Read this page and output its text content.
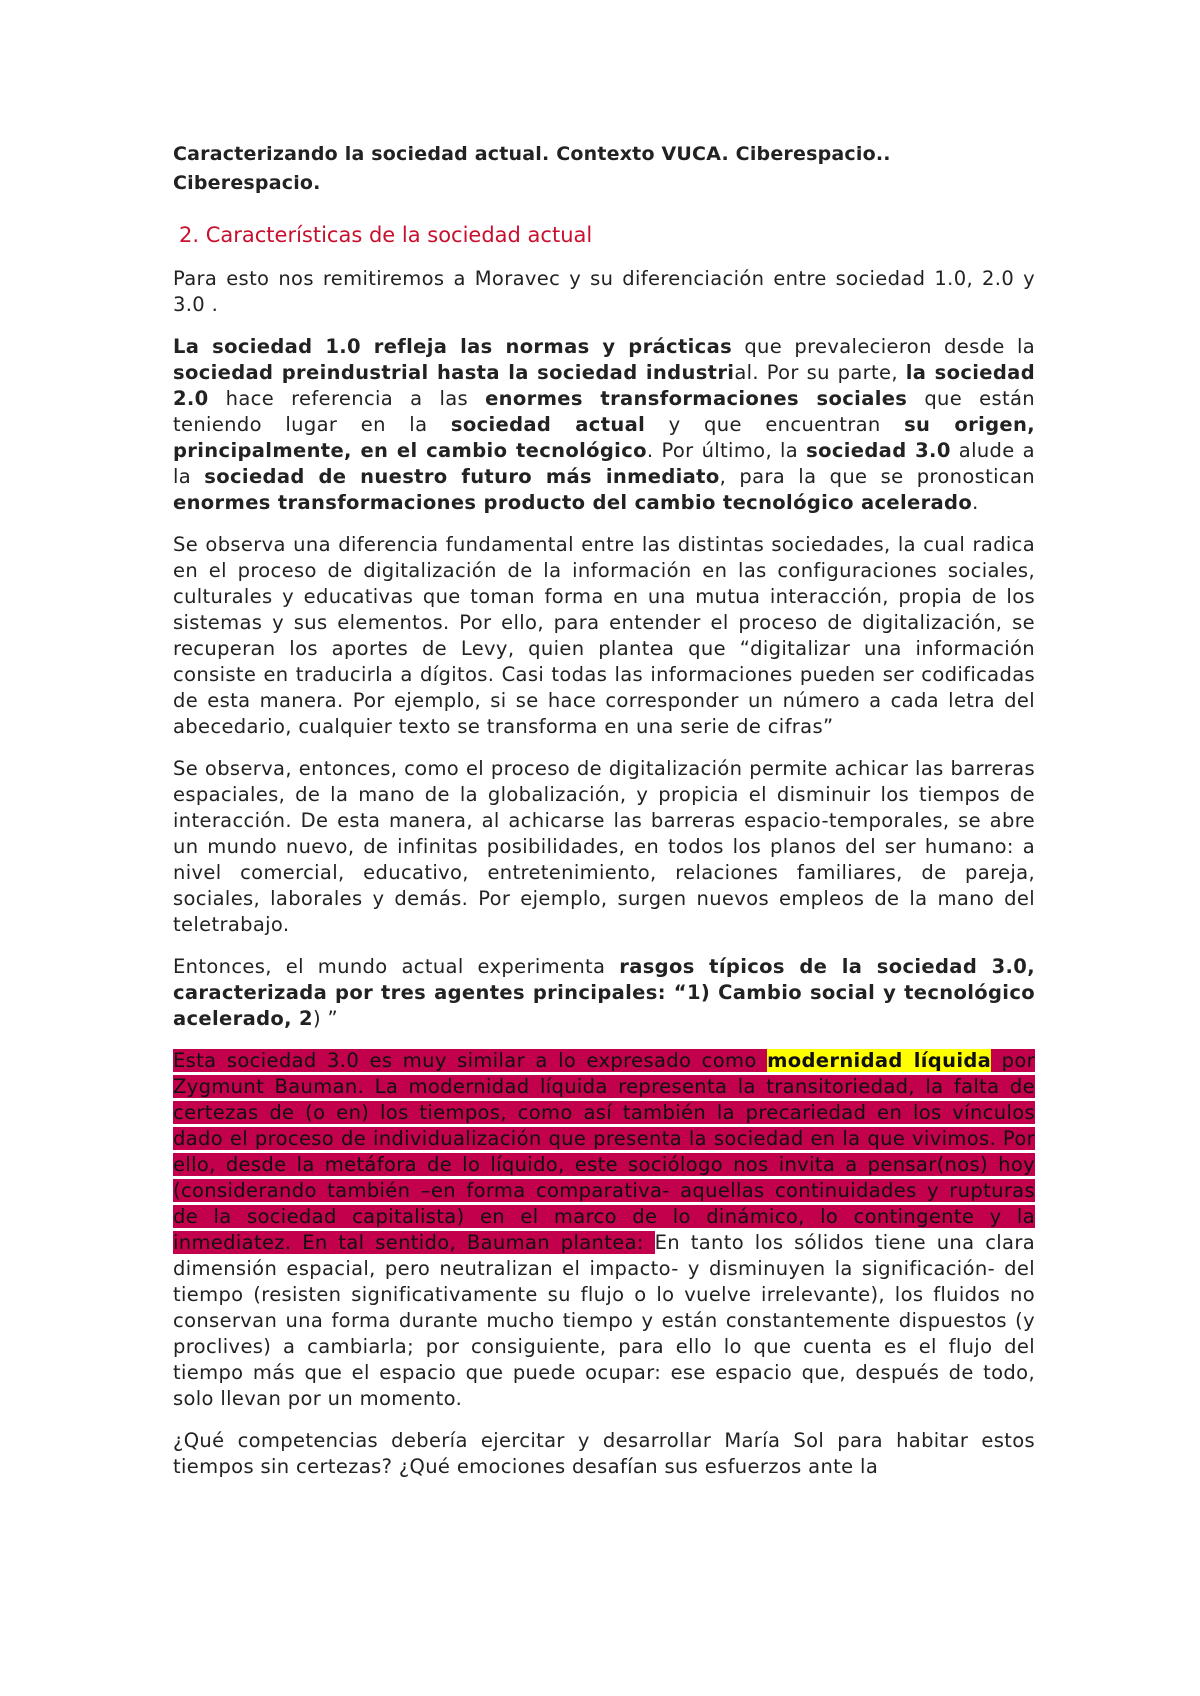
Caracterizando la sociedad actual. Contexto VUCA. Ciberespacio.. Ciberespacio.
2. Características de la sociedad actual

Para esto nos remitiremos a Moravec y su diferenciación entre sociedad 1.0, 2.0 y 3.0 .

La sociedad 1.0 refleja las normas y prácticas que prevalecieron desde la sociedad preindustrial hasta la sociedad industrial. Por su parte, la sociedad 2.0 hace referencia a las enormes transformaciones sociales que están teniendo lugar en la sociedad actual y que encuentran su origen, principalmente, en el cambio tecnológico. Por último, la sociedad 3.0 alude a la sociedad de nuestro futuro más inmediato, para la que se pronostican enormes transformaciones producto del cambio tecnológico acelerado.

Se observa una diferencia fundamental entre las distintas sociedades, la cual radica en el proceso de digitalización de la información en las configuraciones sociales, culturales y educativas que toman forma en una mutua interacción, propia de los sistemas y sus elementos. Por ello, para entender el proceso de digitalización, se recuperan los aportes de Levy, quien plantea que “digitalizar una información consiste en traducirla a dígitos. Casi todas las informaciones pueden ser codificadas de esta manera. Por ejemplo, si se hace corresponder un número a cada letra del abecedario, cualquier texto se transforma en una serie de cifras”

Se observa, entonces, como el proceso de digitalización permite achicar las barreras espaciales, de la mano de la globalización, y propicia el disminuir los tiempos de interacción. De esta manera, al achicarse las barreras espacio-temporales, se abre un mundo nuevo, de infinitas posibilidades, en todos los planos del ser humano: a nivel comercial, educativo, entretenimiento, relaciones familiares, de pareja, sociales, laborales y demás. Por ejemplo, surgen nuevos empleos de la mano del teletrabajo.

Entonces, el mundo actual experimenta rasgos típicos de la sociedad 3.0, caracterizada por tres agentes principales: “1) Cambio social y tecnológico acelerado, 2) ”

Esta sociedad 3.0 es muy similar a lo expresado como modernidad líquida por Zygmunt Bauman. La modernidad líquida representa la transitoriedad, la falta de certezas de (o en) los tiempos, como así también la precariedad en los vínculos dado el proceso de individualización que presenta la sociedad en la que vivimos. Por ello, desde la metáfora de lo líquido, este sociólogo nos invita a pensar(nos) hoy (considerando también –en forma comparativa- aquellas continuidades y rupturas de la sociedad capitalista) en el marco de lo dinámico, lo contingente y la inmediatez. En tal sentido, Bauman plantea: En tanto los sólidos tiene una clara dimensión espacial, pero neutralizan el impacto- y disminuyen la significación- del tiempo (resisten significativamente su flujo o lo vuelve irrelevante), los fluidos no conservan una forma durante mucho tiempo y están constantemente dispuestos (y proclives) a cambiarla; por consiguiente, para ello lo que cuenta es el flujo del tiempo más que el espacio que puede ocupar: ese espacio que, después de todo, solo llevan por un momento.

¿Qué competencias debería ejercitar y desarrollar María Sol para habitar estos tiempos sin certezas? ¿Qué emociones desafían sus esfuerzos ante la
